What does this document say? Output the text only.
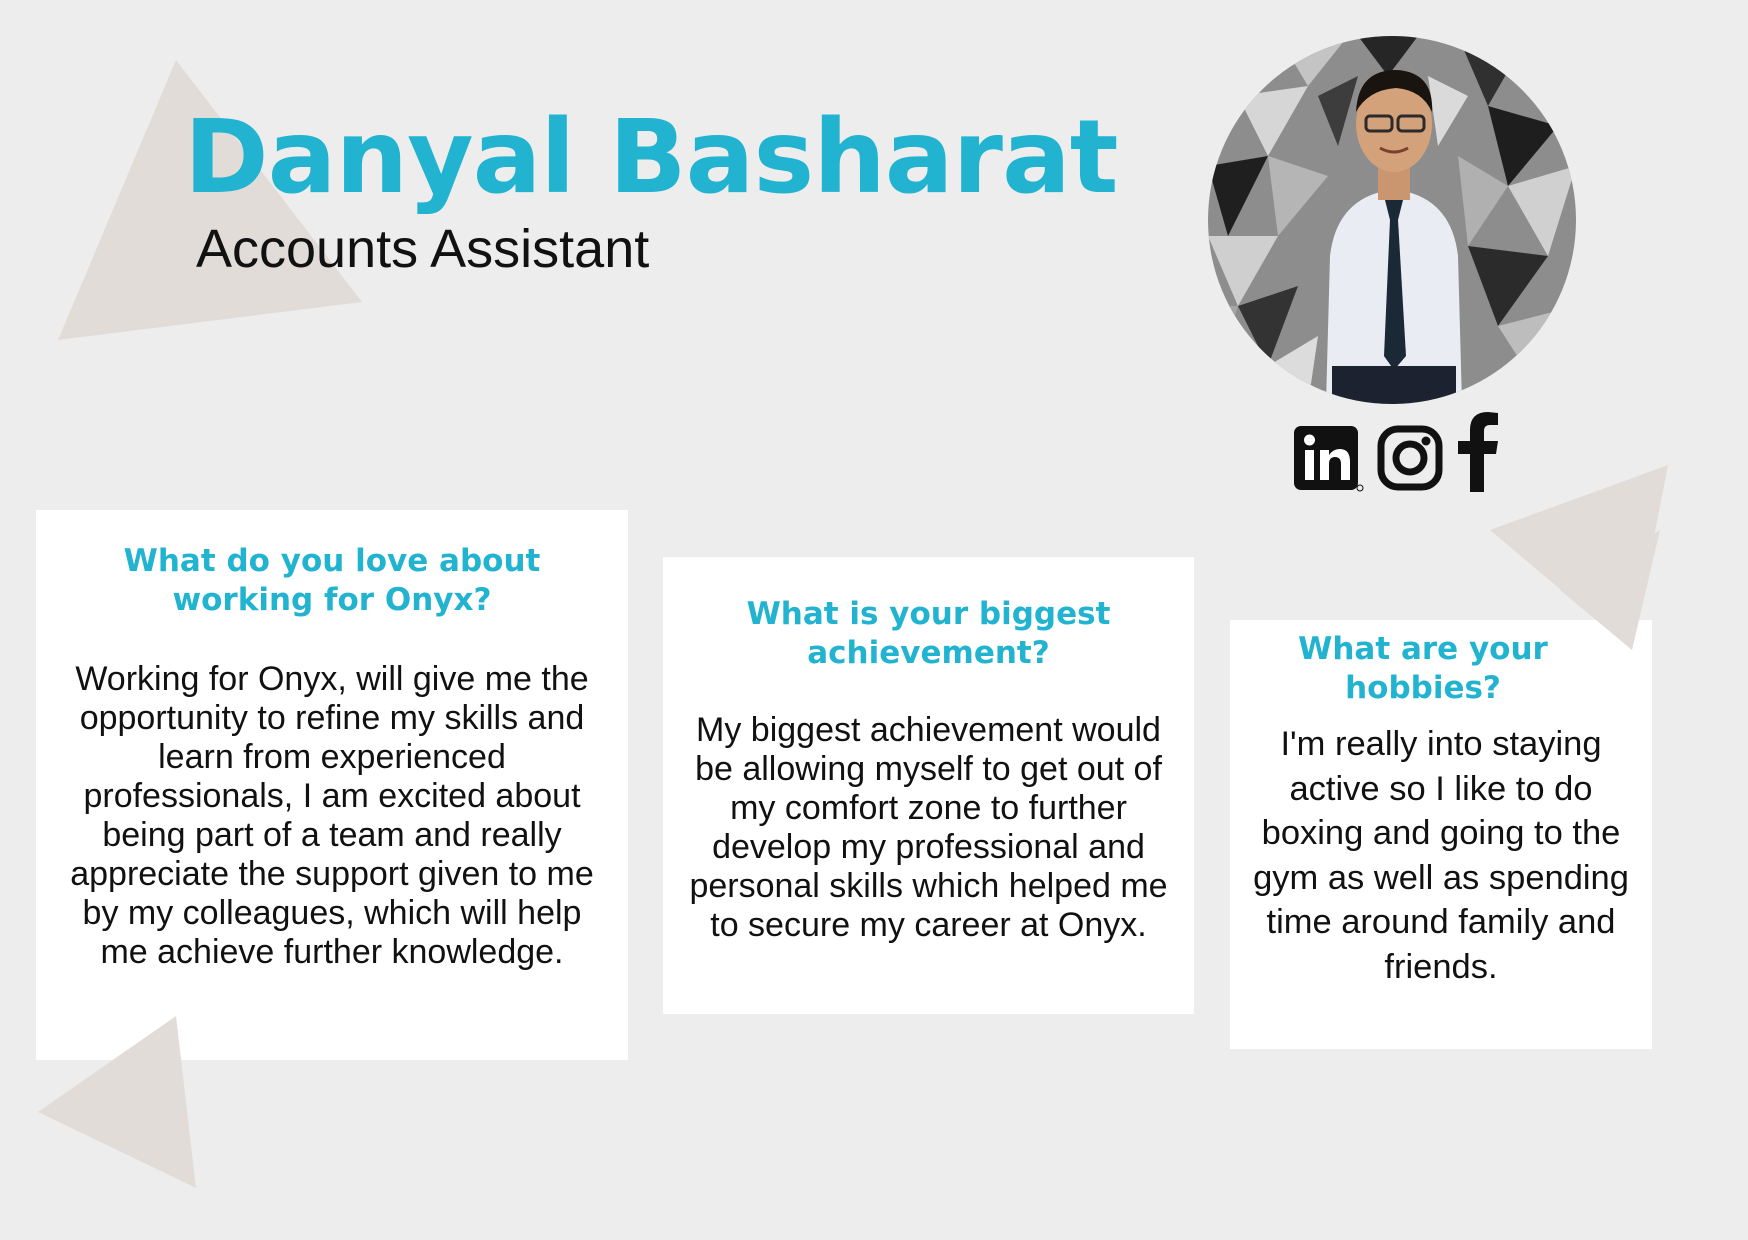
Danyal Basharat
Accounts Assistant
What do you love about working for Onyx?

Working for Onyx, will give me the opportunity to refine my skills and learn from experienced professionals, I am excited about being part of a team and really appreciate the support given to me by my colleagues, which will help me achieve further knowledge.

What is your biggest achievement?

My biggest achievement would be allowing myself to get out of my comfort zone to further develop my professional and personal skills which helped me to secure my career at Onyx.

What are your hobbies?

I'm really into staying active so I like to do boxing and going to the gym as well as spending time around family and friends.
